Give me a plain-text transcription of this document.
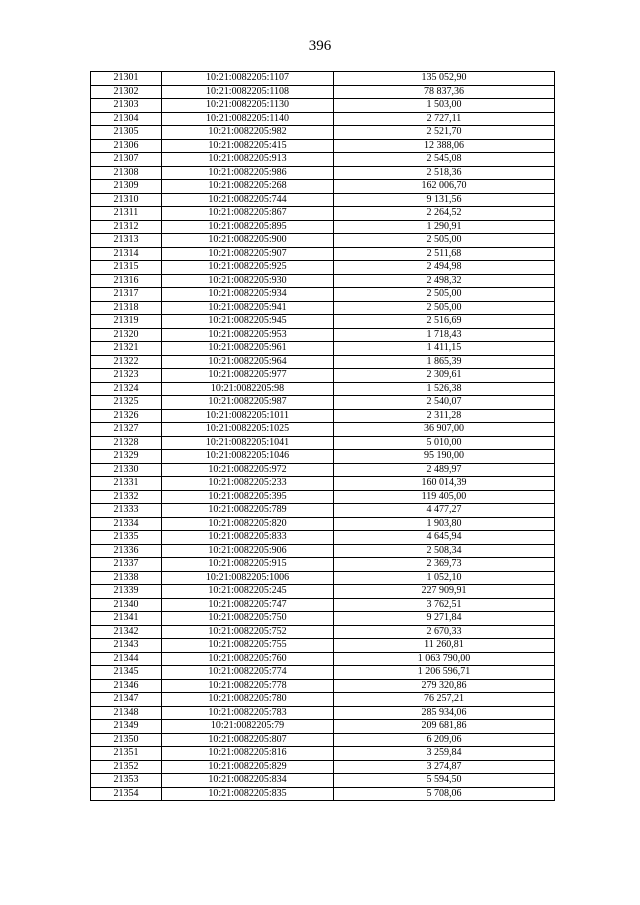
396
21301	10:21:0082205:1107	135 052,90
21302	10:21:0082205:1108	78 837,36
21303	10:21:0082205:1130	1 503,00
21304	10:21:0082205:1140	2 727,11
21305	10:21:0082205:982	2 521,70
21306	10:21:0082205:415	12 388,06
21307	10:21:0082205:913	2 545,08
21308	10:21:0082205:986	2 518,36
21309	10:21:0082205:268	162 006,70
21310	10:21:0082205:744	9 131,56
21311	10:21:0082205:867	2 264,52
21312	10:21:0082205:895	1 290,91
21313	10:21:0082205:900	2 505,00
21314	10:21:0082205:907	2 511,68
21315	10:21:0082205:925	2 494,98
21316	10:21:0082205:930	2 498,32
21317	10:21:0082205:934	2 505,00
21318	10:21:0082205:941	2 505,00
21319	10:21:0082205:945	2 516,69
21320	10:21:0082205:953	1 718,43
21321	10:21:0082205:961	1 411,15
21322	10:21:0082205:964	1 865,39
21323	10:21:0082205:977	2 309,61
21324	10:21:0082205:98	1 526,38
21325	10:21:0082205:987	2 540,07
21326	10:21:0082205:1011	2 311,28
21327	10:21:0082205:1025	36 907,00
21328	10:21:0082205:1041	5 010,00
21329	10:21:0082205:1046	95 190,00
21330	10:21:0082205:972	2 489,97
21331	10:21:0082205:233	160 014,39
21332	10:21:0082205:395	119 405,00
21333	10:21:0082205:789	4 477,27
21334	10:21:0082205:820	1 903,80
21335	10:21:0082205:833	4 645,94
21336	10:21:0082205:906	2 508,34
21337	10:21:0082205:915	2 369,73
21338	10:21:0082205:1006	1 052,10
21339	10:21:0082205:245	227 909,91
21340	10:21:0082205:747	3 762,51
21341	10:21:0082205:750	9 271,84
21342	10:21:0082205:752	2 670,33
21343	10:21:0082205:755	11 260,81
21344	10:21:0082205:760	1 063 790,00
21345	10:21:0082205:774	1 206 596,71
21346	10:21:0082205:778	279 320,86
21347	10:21:0082205:780	76 257,21
21348	10:21:0082205:783	285 934,06
21349	10:21:0082205:79	209 681,86
21350	10:21:0082205:807	6 209,06
21351	10:21:0082205:816	3 259,84
21352	10:21:0082205:829	3 274,87
21353	10:21:0082205:834	5 594,50
21354	10:21:0082205:835	5 708,06
